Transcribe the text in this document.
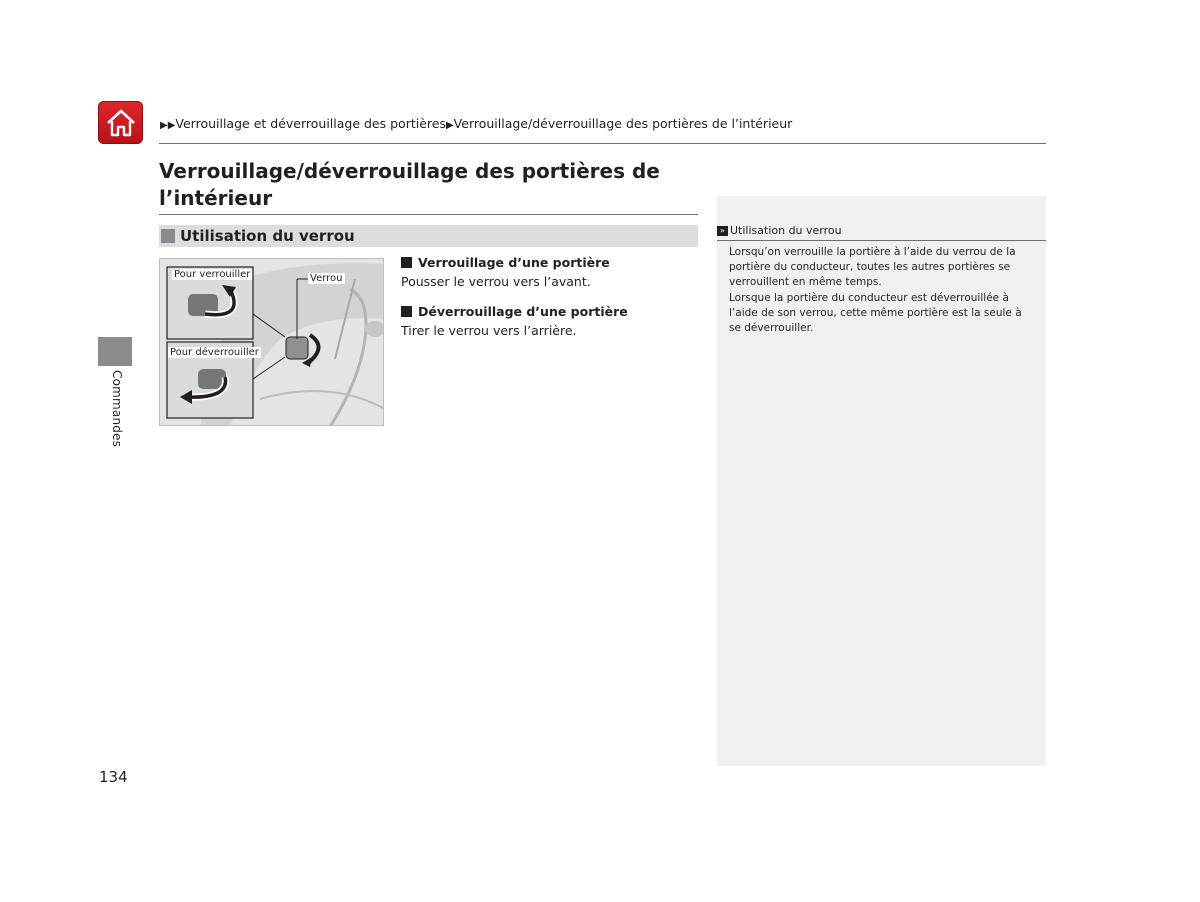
▶▶Verrouillage et déverrouillage des portières▶Verrouillage/déverrouillage des portières de l’intérieur
Verrouillage/déverrouillage des portières de l’intérieur
Utilisation du verrou
Commandes
Pour verrouiller
Pour déverrouiller
Verrou
Verrouillage d’une portière
Pousser le verrou vers l’avant.
Déverrouillage d’une portière
Tirer le verrou vers l’arrière.
» Utilisation du verrou

Lorsqu’on verrouille la portière à l’aide du verrou de la portière du conducteur, toutes les autres portières se verrouillent en même temps.

Lorsque la portière du conducteur est déverrouillée à l’aide de son verrou, cette même portière est la seule à se déverrouiller.

134
